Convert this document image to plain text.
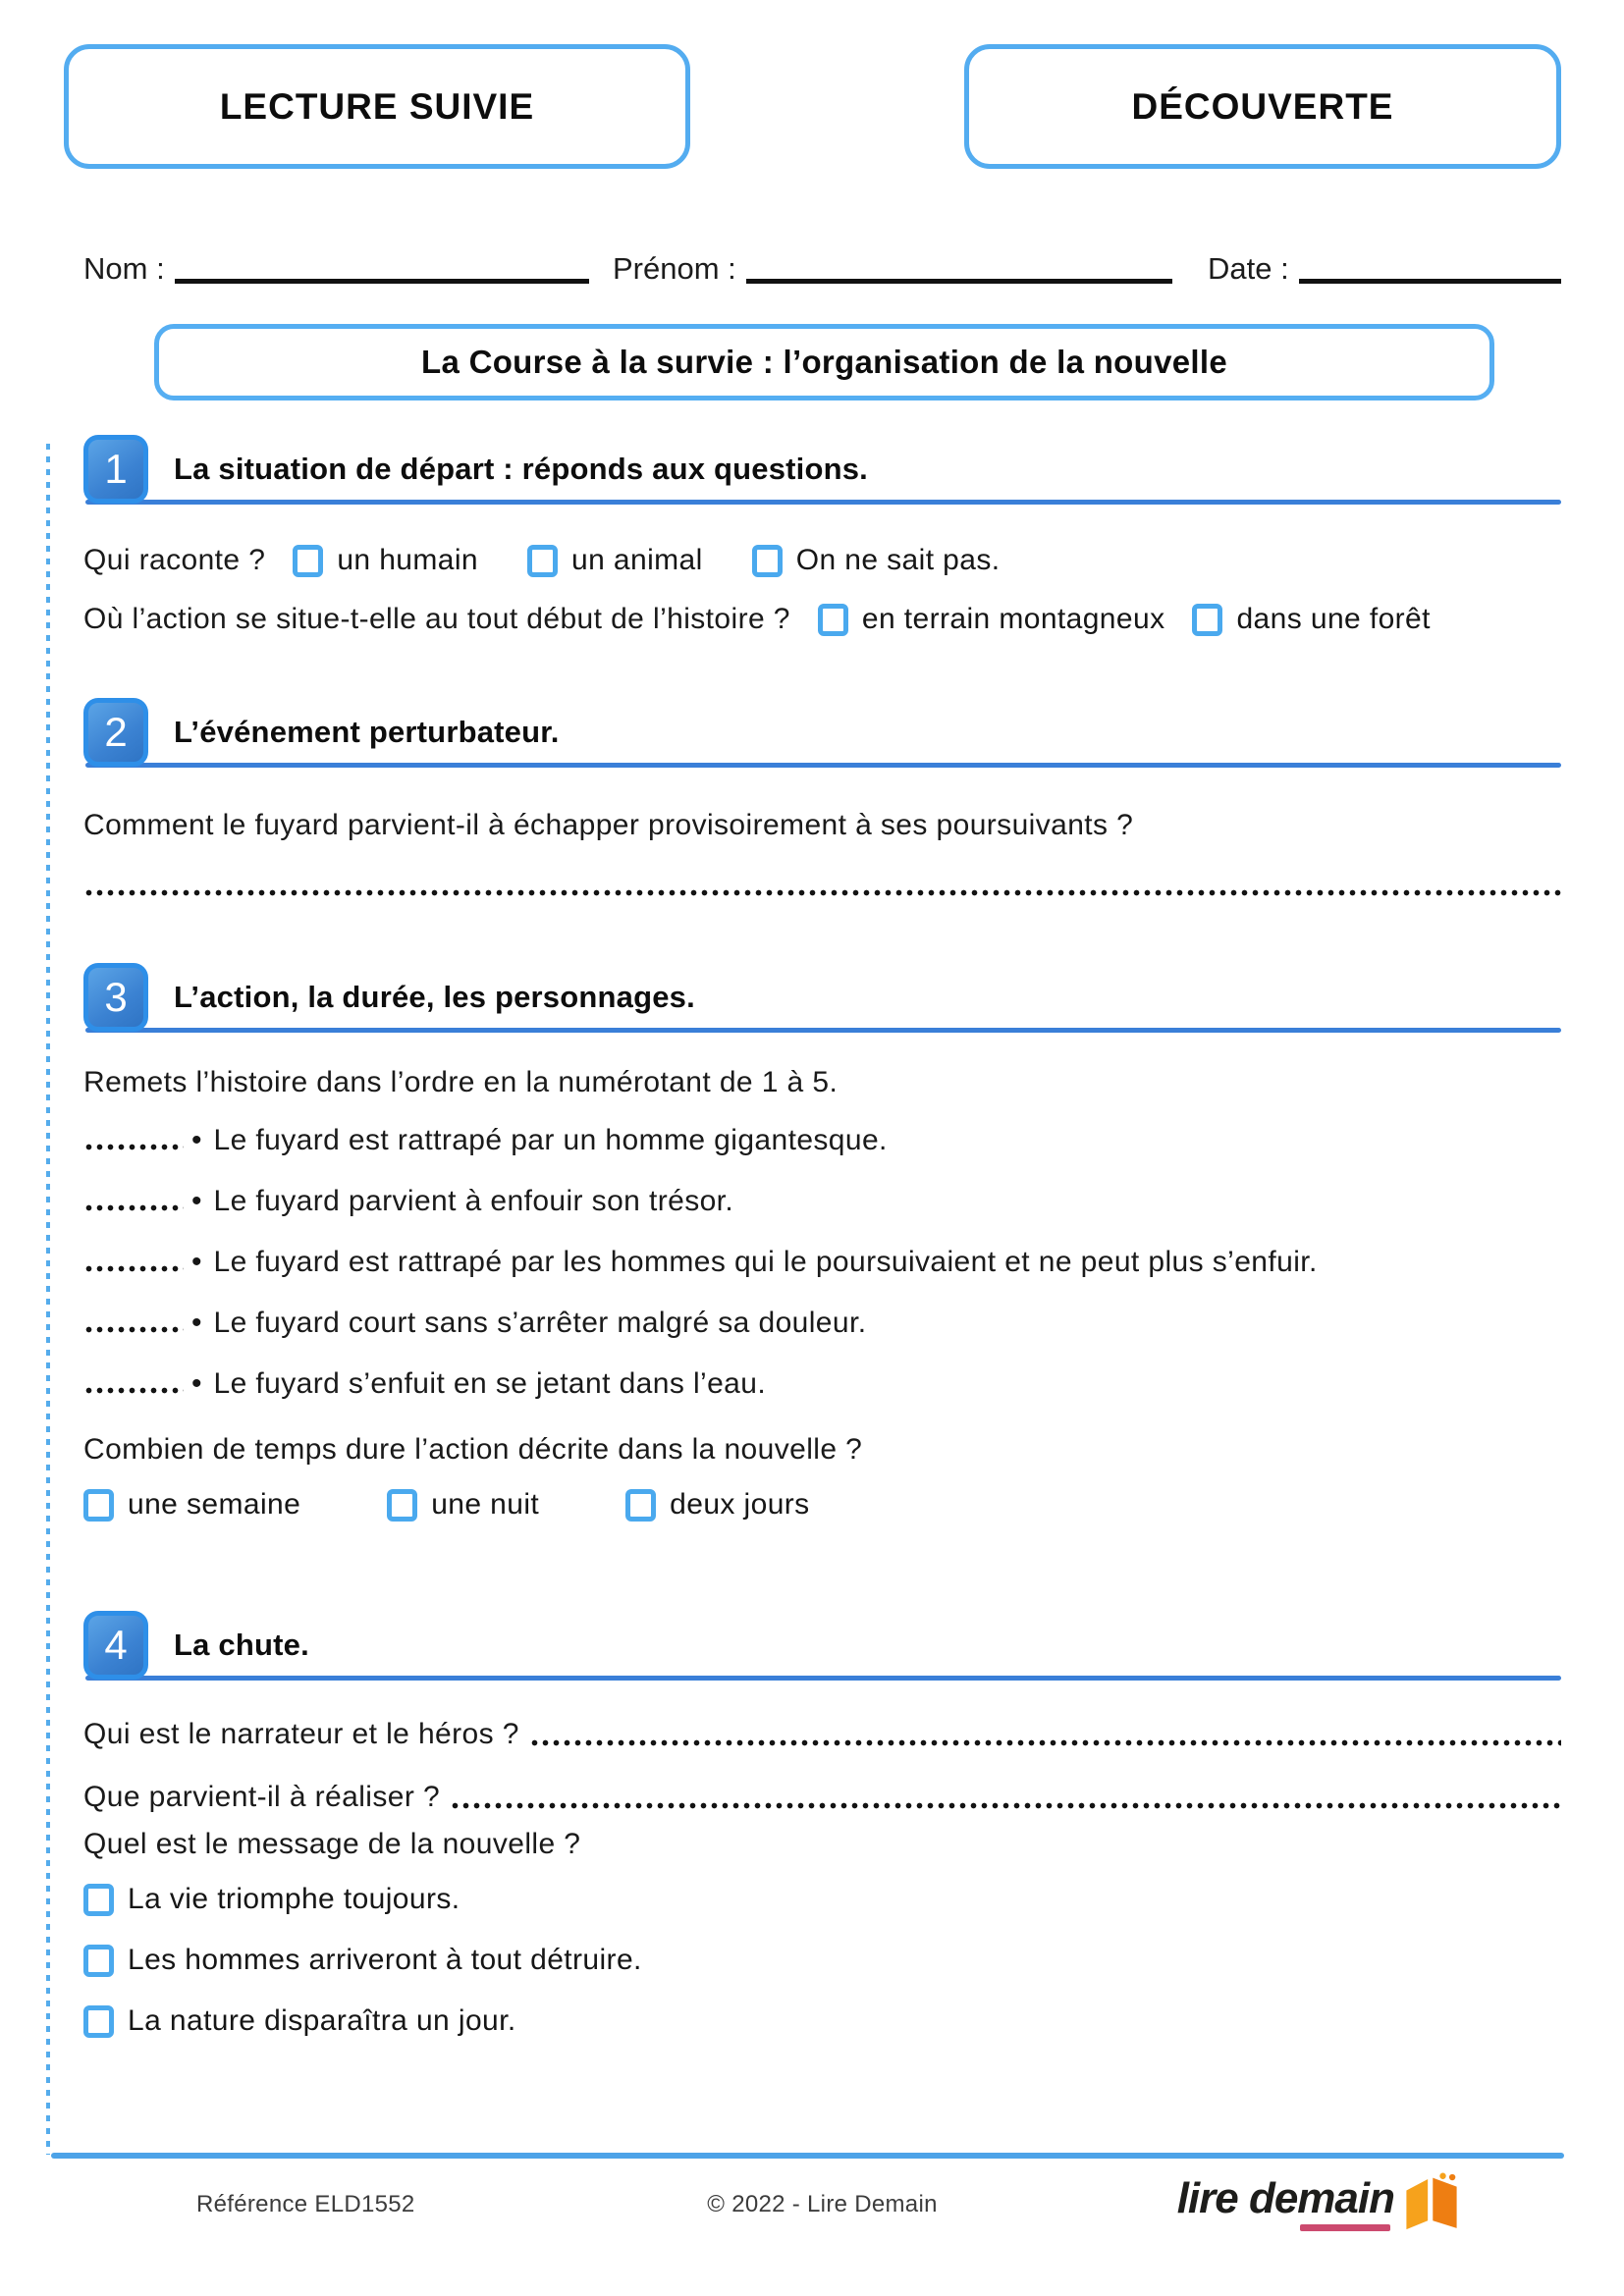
LECTURE SUIVIE	DÉCOUVERTE
Nom :	Prénom :	Date :
La Course à la survie : l’organisation de la nouvelle
1	La situation de départ : réponds aux questions.
Qui raconte ? un humain	un animal	On ne sait pas.
Où l’action se situe-t-elle au tout début de l’histoire ? en terrain montagneux dans une forêt
2	L’événement perturbateur.
Comment le fuyard parvient-il à échapper provisoirement à ses poursuivants ?
3	L’action, la durée, les personnages.
Remets l’histoire dans l’ordre en la numérotant de 1 à 5.
• Le fuyard est rattrapé par un homme gigantesque.
• Le fuyard parvient à enfouir son trésor.
• Le fuyard est rattrapé par les hommes qui le poursuivaient et ne peut plus s’enfuir.
• Le fuyard court sans s’arrêter malgré sa douleur.
• Le fuyard s’enfuit en se jetant dans l’eau.
Combien de temps dure l’action décrite dans la nouvelle ?
une semaine	une nuit	deux jours
4	La chute.
Qui est le narrateur et le héros ?
Que parvient-il à réaliser ?
Quel est le message de la nouvelle ?
La vie triomphe toujours.
Les hommes arriveront à tout détruire.
La nature disparaîtra un jour.
© 2022 - Lire Demain
Référence ELD1552	lire demain
